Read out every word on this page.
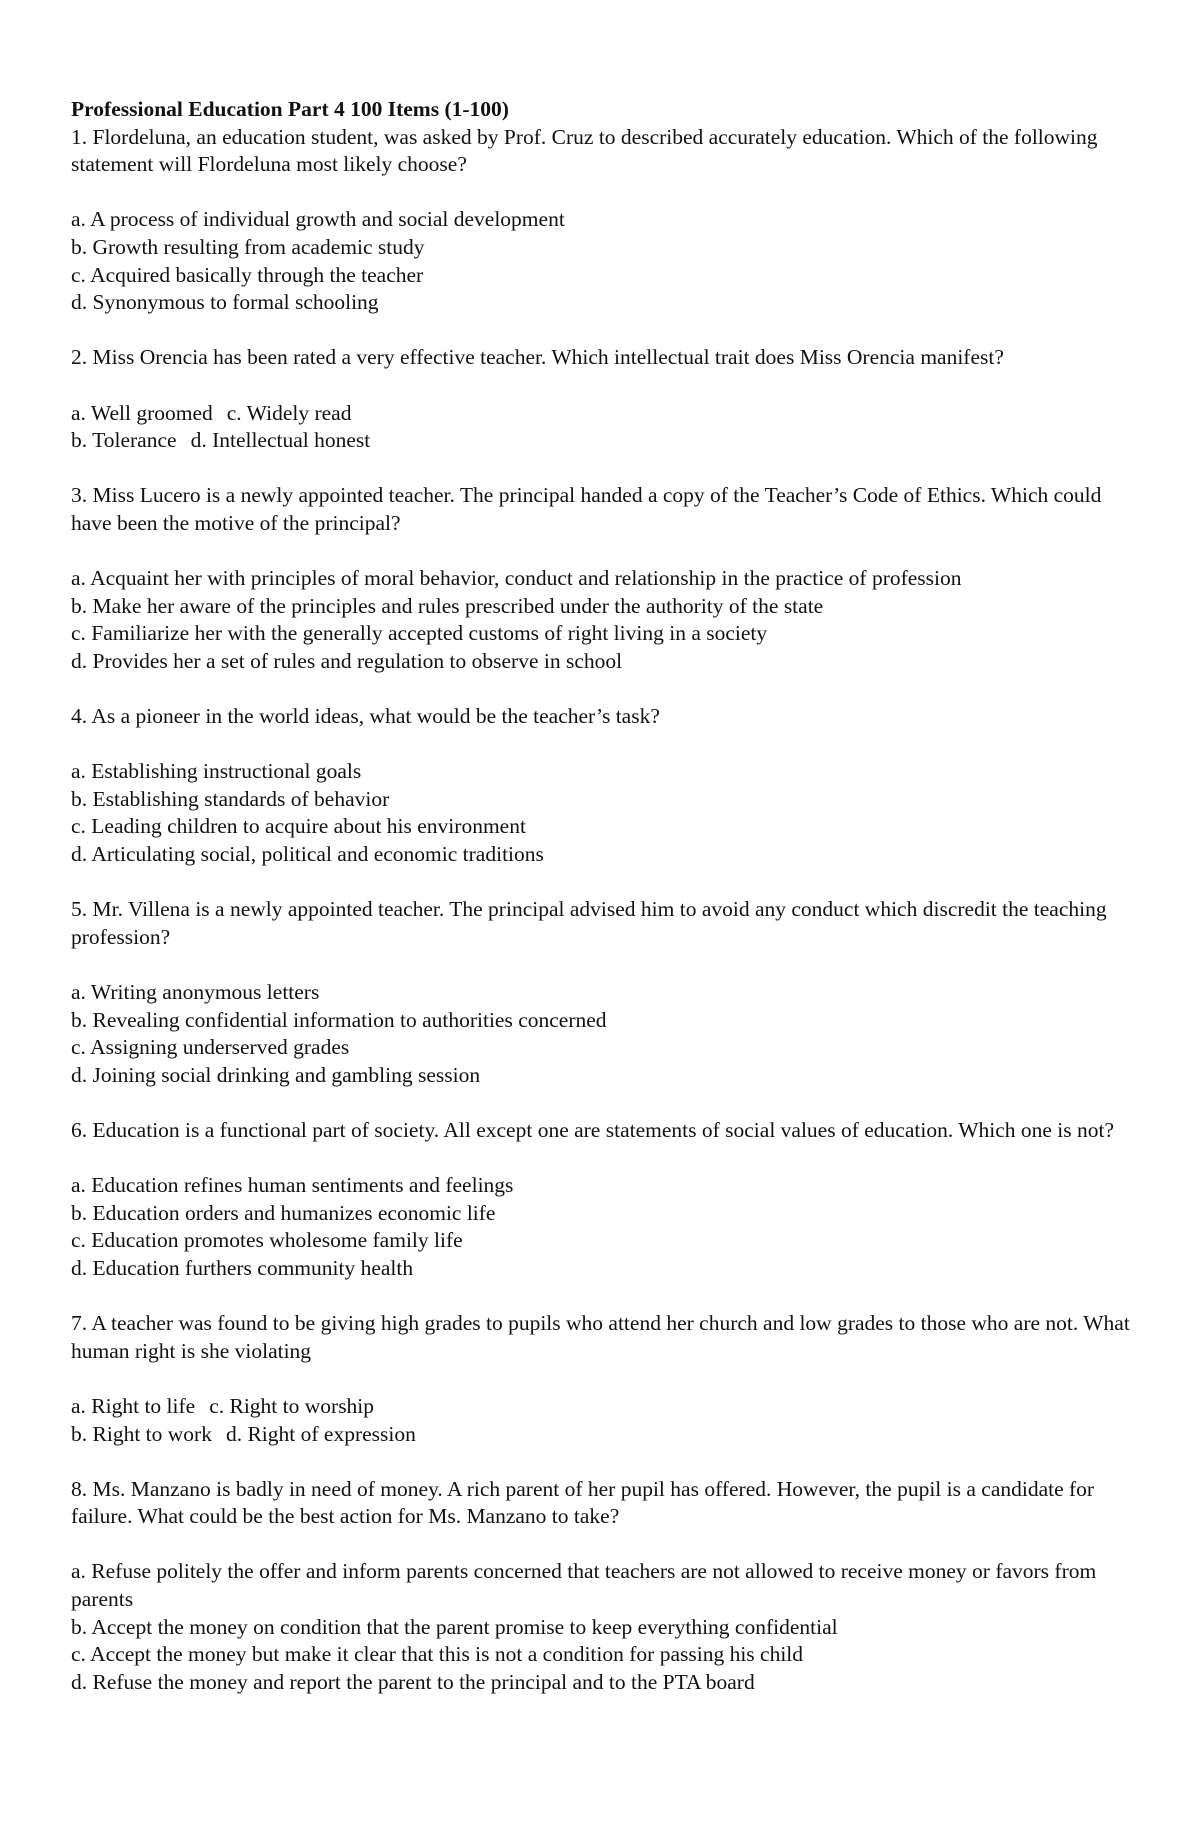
Professional Education Part 4 100 Items (1-100)

1. Flordeluna, an education student, was asked by Prof. Cruz to described accurately education. Which of the following statement will Flordeluna most likely choose?

a. A process of individual growth and social development

b. Growth resulting from academic study

c. Acquired basically through the teacher

d. Synonymous to formal schooling

2. Miss Orencia has been rated a very effective teacher. Which intellectual trait does Miss Orencia manifest?

a. Well groomed c. Widely read

b. Tolerance d. Intellectual honest

3. Miss Lucero is a newly appointed teacher. The principal handed a copy of the Teacher’s Code of Ethics. Which could have been the motive of the principal?

a. Acquaint her with principles of moral behavior, conduct and relationship in the practice of profession

b. Make her aware of the principles and rules prescribed under the authority of the state

c. Familiarize her with the generally accepted customs of right living in a society

d. Provides her a set of rules and regulation to observe in school

4. As a pioneer in the world ideas, what would be the teacher’s task?

a. Establishing instructional goals

b. Establishing standards of behavior

c. Leading children to acquire about his environment

d. Articulating social, political and economic traditions

5. Mr. Villena is a newly appointed teacher. The principal advised him to avoid any conduct which discredit the teaching profession?

a. Writing anonymous letters

b. Revealing confidential information to authorities concerned

c. Assigning underserved grades

d. Joining social drinking and gambling session

6. Education is a functional part of society. All except one are statements of social values of education. Which one is not?

a. Education refines human sentiments and feelings

b. Education orders and humanizes economic life

c. Education promotes wholesome family life

d. Education furthers community health

7. A teacher was found to be giving high grades to pupils who attend her church and low grades to those who are not. What human right is she violating

a. Right to life c. Right to worship

b. Right to work d. Right of expression

8. Ms. Manzano is badly in need of money. A rich parent of her pupil has offered. However, the pupil is a candidate for failure. What could be the best action for Ms. Manzano to take?

a. Refuse politely the offer and inform parents concerned that teachers are not allowed to receive money or favors from parents

b. Accept the money on condition that the parent promise to keep everything confidential

c. Accept the money but make it clear that this is not a condition for passing his child

d. Refuse the money and report the parent to the principal and to the PTA board
